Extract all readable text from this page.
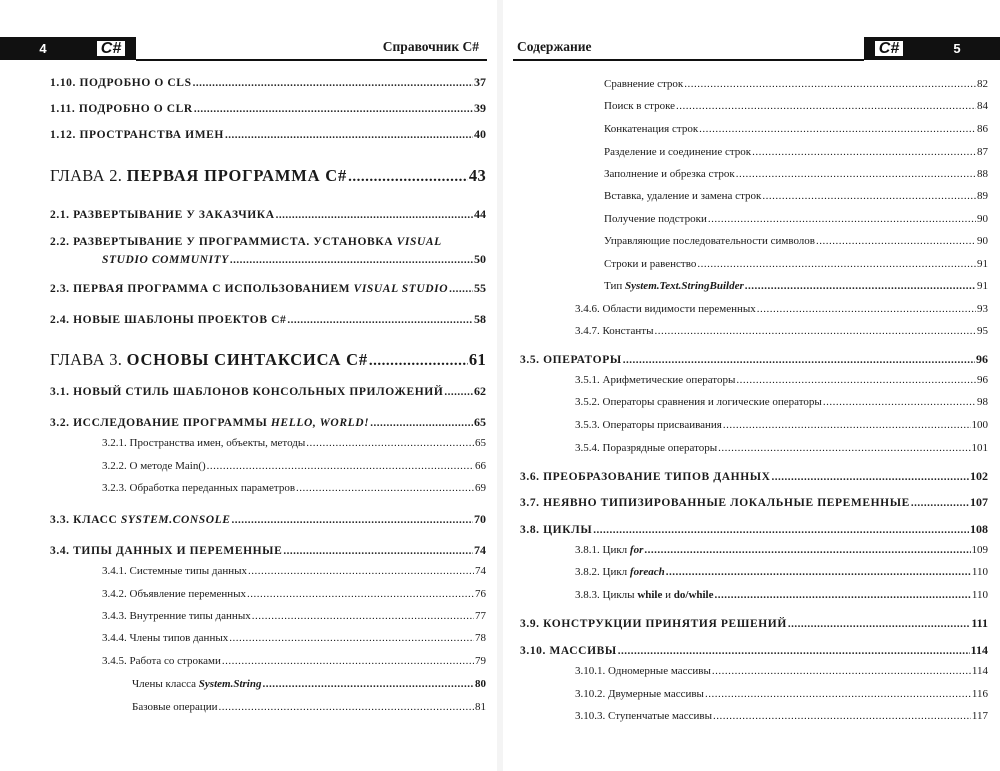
4	C#	Справочник C#
1.10. ПОДРОБНО О CLS .....	37
1.11. ПОДРОБНО О CLR .....	39
1.12. ПРОСТРАНСТВА ИМЕН .....	40
ГЛАВА 2. ПЕРВАЯ ПРОГРАММА C# .....	43
2.1. РАЗВЕРТЫВАНИЕ У ЗАКАЗЧИКА .....	44
2.2. РАЗВЕРТЫВАНИЕ У ПРОГРАММИСТА. УСТАНОВКА VISUAL
STUDIO COMMUNITY .....	50
2.3. ПЕРВАЯ ПРОГРАММА С ИСПОЛЬЗОВАНИЕМ VISUAL STUDIO ..... 55
2.4. НОВЫЕ ШАБЛОНЫ ПРОЕКТОВ C# .....	58
ГЛАВА 3. ОСНОВЫ СИНТАКСИСА C# .....	61
3.1. НОВЫЙ СТИЛЬ ШАБЛОНОВ КОНСОЛЬНЫХ ПРИЛОЖЕНИЙ .....	62
3.2. ИССЛЕДОВАНИЕ ПРОГРАММЫ HELLO, WORLD! .....	65
3.2.1. Пространства имен, объекты, методы .....	65
3.2.2. О методе Main() .....	66
3.2.3. Обработка переданных параметров .....	69
3.3. КЛАСС SYSTEM.CONSOLE .....	70
3.4. ТИПЫ ДАННЫХ И ПЕРЕМЕННЫЕ .....	74
3.4.1. Системные типы данных .....	74
3.4.2. Объявление переменных .....	76
3.4.3. Внутренние типы данных .....	77
3.4.4. Члены типов данных .....	78
3.4.5. Работа со строками .....	79
Члены класса System.String .....	80
Базовые операции .....	81
Содержание	C#	5
Сравнение строк .....	82
Поиск в строке .....	84
Конкатенация строк .....	86
Разделение и соединение строк .....	87
Заполнение и обрезка строк .....	88
Вставка, удаление и замена строк .....	89
Получение подстроки .....	90
Управляющие последовательности символов .....	90
Строки и равенство .....	91
Тип System.Text.StringBuilder .....	91
3.4.6. Области видимости переменных .....	93
3.4.7. Константы .....	95
3.5. ОПЕРАТОРЫ .....	96
3.5.1. Арифметические операторы .....	96
3.5.2. Операторы сравнения и логические операторы .....	98
3.5.3. Операторы присваивания .....	100
3.5.4. Поразрядные операторы .....	101
3.6. ПРЕОБРАЗОВАНИЕ ТИПОВ ДАННЫХ .....	102
3.7. НЕЯВНО ТИПИЗИРОВАННЫЕ ЛОКАЛЬНЫЕ ПЕРЕМЕННЫЕ .....	107
3.8. ЦИКЛЫ .....	108
3.8.1. Цикл for .....	109
3.8.2. Цикл foreach .....	110
3.8.3. Циклы while и do/while .....	110
3.9. КОНСТРУКЦИИ ПРИНЯТИЯ РЕШЕНИЙ .....	111
3.10. МАССИВЫ .....	114
3.10.1. Одномерные массивы .....	114
3.10.2. Двумерные массивы .....	116
3.10.3. Ступенчатые массивы .....	117
